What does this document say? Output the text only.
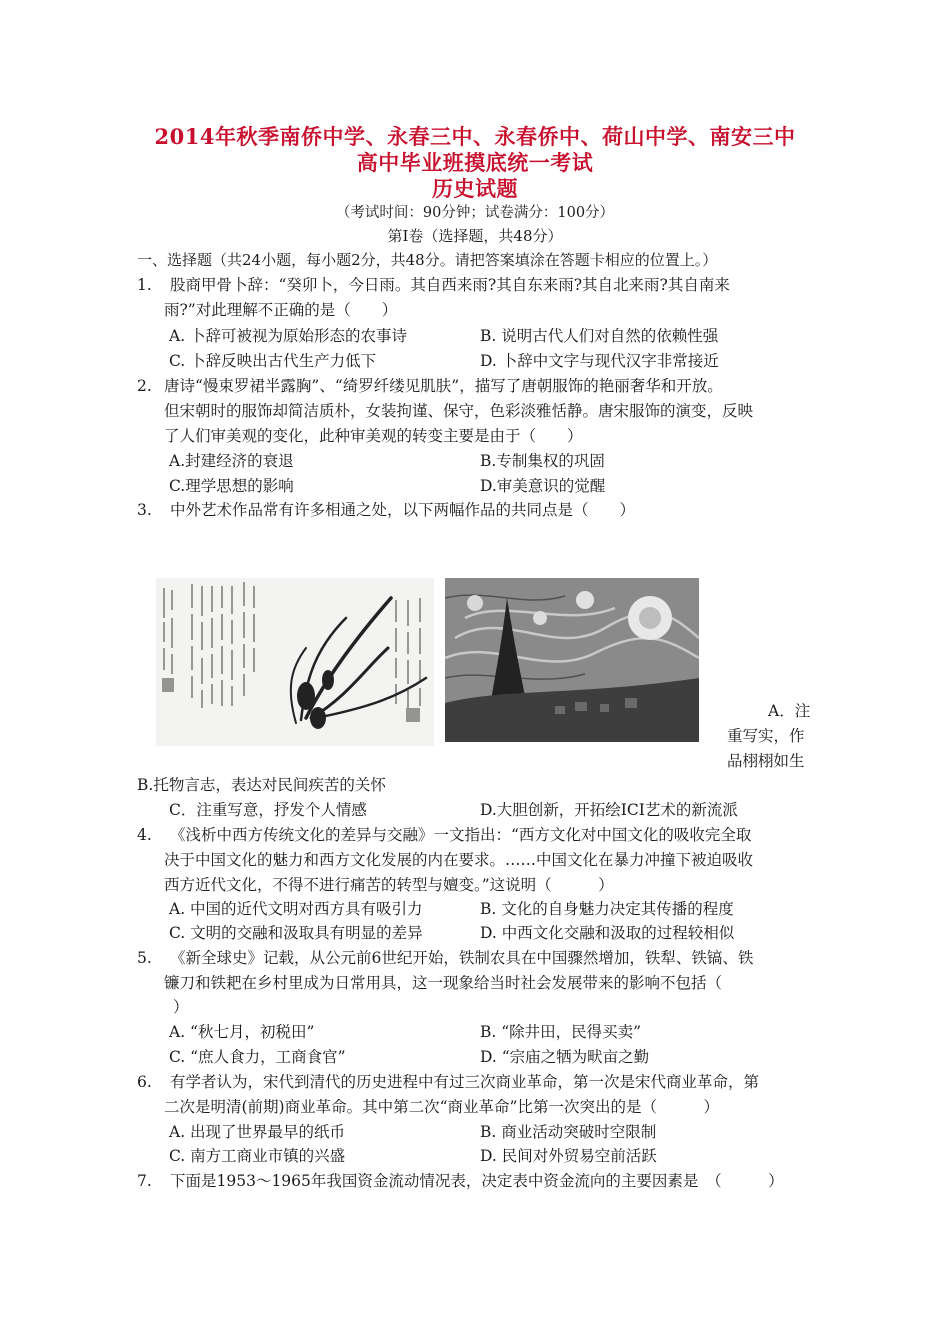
2014年秋季南侨中学、永春三中、永春侨中、荷山中学、南安三中
高中毕业班摸底统一考试
历史试题
（考试时间：90分钟；试卷满分：100分）
第Ⅰ卷（选择题，共48分）
一、选择题（共24小题，每小题2分，共48分。请把答案填涂在答题卡相应的位置上。）
1. 股商甲骨卜辞：“癸卯卜，今日雨。其自西来雨?其自东来雨?其自北来雨?其自南来
雨?”对此理解不正确的是（　　）
A. 卜辞可被视为原始形态的农事诗	B. 说明古代人们对自然的依赖性强
C. 卜辞反映出古代生产力低下	D. 卜辞中文字与现代汉字非常接近
2. 唐诗“慢束罗裙半露胸”、“绮罗纤缕见肌肤”，描写了唐朝服饰的艳丽奢华和开放。
但宋朝时的服饰却简洁质朴，女装拘谨、保守，色彩淡雅恬静。唐宋服饰的演变，反映
了人们审美观的变化，此种审美观的转变主要是由于（　　）
A.封建经济的衰退	B.专制集权的巩固
C.理学思想的影响	D.审美意识的觉醒
3. 中外艺术作品常有许多相通之处，以下两幅作品的共同点是（　　）
A．注
重写实，作
品栩栩如生
B.托物言志，表达对民间疾苦的关怀
C．注重写意，抒发个人情感	D.大胆创新，开拓绘ICI艺术的新流派
4. 《浅析中西方传统文化的差异与交融》一文指出：“西方文化对中国文化的吸收完全取
决于中国文化的魅力和西方文化发展的内在要求。……中国文化在暴力冲撞下被迫吸收
西方近代文化，不得不进行痛苦的转型与嬗变。”这说明（　　　）
A. 中国的近代文明对西方具有吸引力	B. 文化的自身魅力决定其传播的程度
C. 文明的交融和汲取具有明显的差异	D. 中西文化交融和汲取的过程较相似
5. 《新全球史》记载，从公元前6世纪开始，铁制农具在中国骤然增加，铁犁、铁镐、铁
镰刀和铁耙在乡村里成为日常用具，这一现象给当时社会发展带来的影响不包括（
）
A. “秋七月，初税田”	B. “除井田，民得买卖”
C. “庶人食力，工商食官”	D. “宗庙之牺为畎亩之勤
6. 有学者认为，宋代到清代的历史进程中有过三次商业革命，第一次是宋代商业革命，第
二次是明清(前期)商业革命。其中第二次“商业革命”比第一次突出的是（　　　）
A. 出现了世界最早的纸币	B. 商业活动突破时空限制
C. 南方工商业市镇的兴盛	D. 民间对外贸易空前活跃
7. 下面是1953～1965年我国资金流动情况表，决定表中资金流向的主要因素是　（　　　）
